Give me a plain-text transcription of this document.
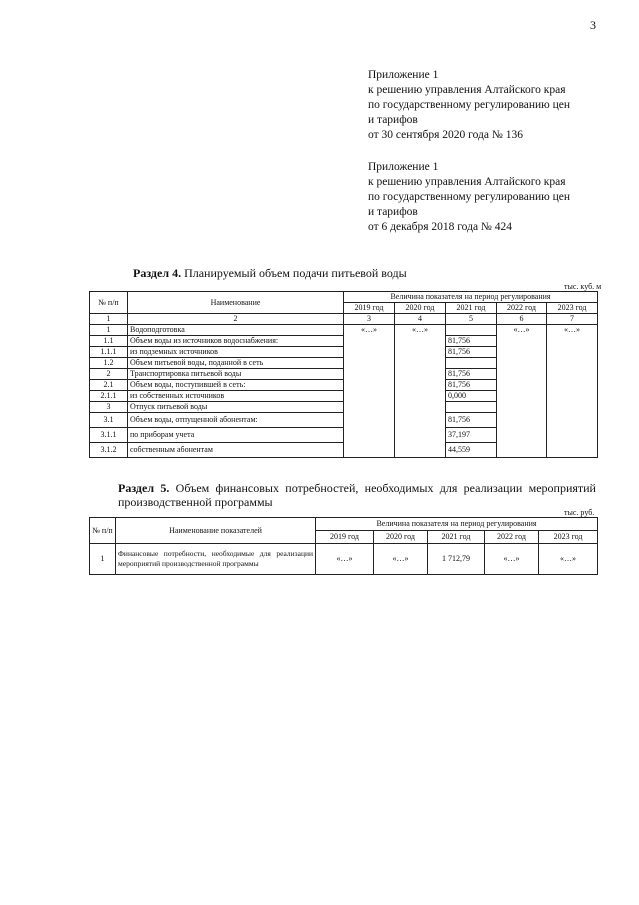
3
Приложение 1
к решению управления Алтайского края
по государственному регулированию цен
и тарифов
от 30 сентября 2020 года № 136
Приложение 1
к решению управления Алтайского края
по государственному регулированию цен
и тарифов
от 6 декабря 2018 года № 424
Раздел 4. Планируемый объем подачи питьевой воды
тыс. куб. м
№ п/п	Наименование	Величина показателя на период регулирования				
		2019 год	2020 год	2021 год	2022 год	2023 год
1	2	3	4	5	6	7
1	Водоподготовка	«…»	«…»		«…»	«…»
1.1	Объем воды из источников водоснабжения:			81,756		
1.1.1	из подземных источников			81,756		
1.2	Объем питьевой воды, поданной в сеть					
2	Транспортировка питьевой воды			81,756		
2.1	Объем воды, поступившей в сеть:			81,756		
2.1.1	из собственных источников			0,000		
3	Отпуск питьевой воды					
3.1	Объем воды, отпущенной абонентам:			81,756		
3.1.1	по приборам учета			37,197		
3.1.2	собственным абонентам			44,559		
Раздел 5. Объем финансовых потребностей, необходимых для реализации мероприятий производственной программы
тыс. руб.
№ п/п	Наименование показателей	Величина показателя на период регулирования				
		2019 год	2020 год	2021 год	2022 год	2023 год
1	Финансовые потребности, необходимые для реализации мероприятий производственной программы	«…»	«…»	1 712,79	«…»	«…»
